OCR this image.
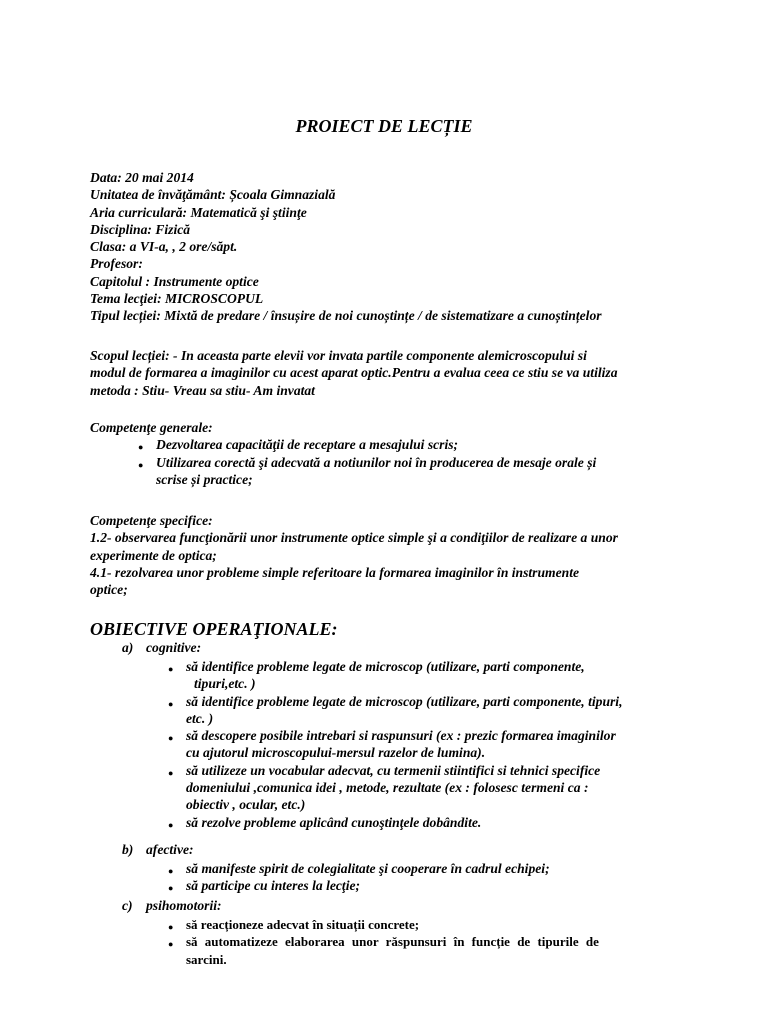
PROIECT DE LECȚIE
Data: 20 mai 2014
Unitatea de învăţământ: Școala Gimnazială
Aria curriculară: Matematică şi ştiinţe
Disciplina: Fizică
Clasa: a VI-a, , 2 ore/săpt.
Profesor:
Capitolul : Instrumente optice
Tema lecţiei: MICROSCOPUL
Tipul lecției: Mixtă de predare / însușire de noi cunoștințe / de sistematizare a cunoștințelor
Scopul lecției: - In aceasta parte elevii vor invata partile componente alemicroscopului si
modul de formarea a imaginilor cu acest aparat optic.Pentru a evalua ceea ce stiu se va utiliza
metoda : Stiu- Vreau sa stiu- Am invatat
Competenţe generale:
● Dezvoltarea capacităţii de receptare a mesajului scris;
● Utilizarea corectă şi adecvată a notiunilor noi în producerea de mesaje orale și
scrise și practice;
Competenţe specifice:
1.2- observarea funcţionării unor instrumente optice simple şi a condiţiilor de realizare a unor
experimente de optica;
4.1- rezolvarea unor probleme simple referitoare la formarea imaginilor în instrumente
optice;
OBIECTIVE OPERAŢIONALE:
a) cognitive:
● să identifice probleme legate de microscop (utilizare, parti componente,
tipuri,etc. )
● să identifice probleme legate de microscop (utilizare, parti componente, tipuri,
etc. )
● să descopere posibile intrebari si raspunsuri (ex : prezic formarea imaginilor
cu ajutorul microscopului-mersul razelor de lumina).
● să utilizeze un vocabular adecvat, cu termenii stiintifici si tehnici specifice
domeniului ,comunica idei , metode, rezultate (ex : folosesc termeni ca :
obiectiv , ocular, etc.)
● să rezolve probleme aplicând cunoştinţele dobândite.
b) afective:
● să manifeste spirit de colegialitate şi cooperare în cadrul echipei;
● să participe cu interes la lecţie;
c) psihomotorii:
● să reacționeze adecvat în situații concrete;
● să automatizeze elaborarea unor răspunsuri în funcție de tipurile de
sarcini.
